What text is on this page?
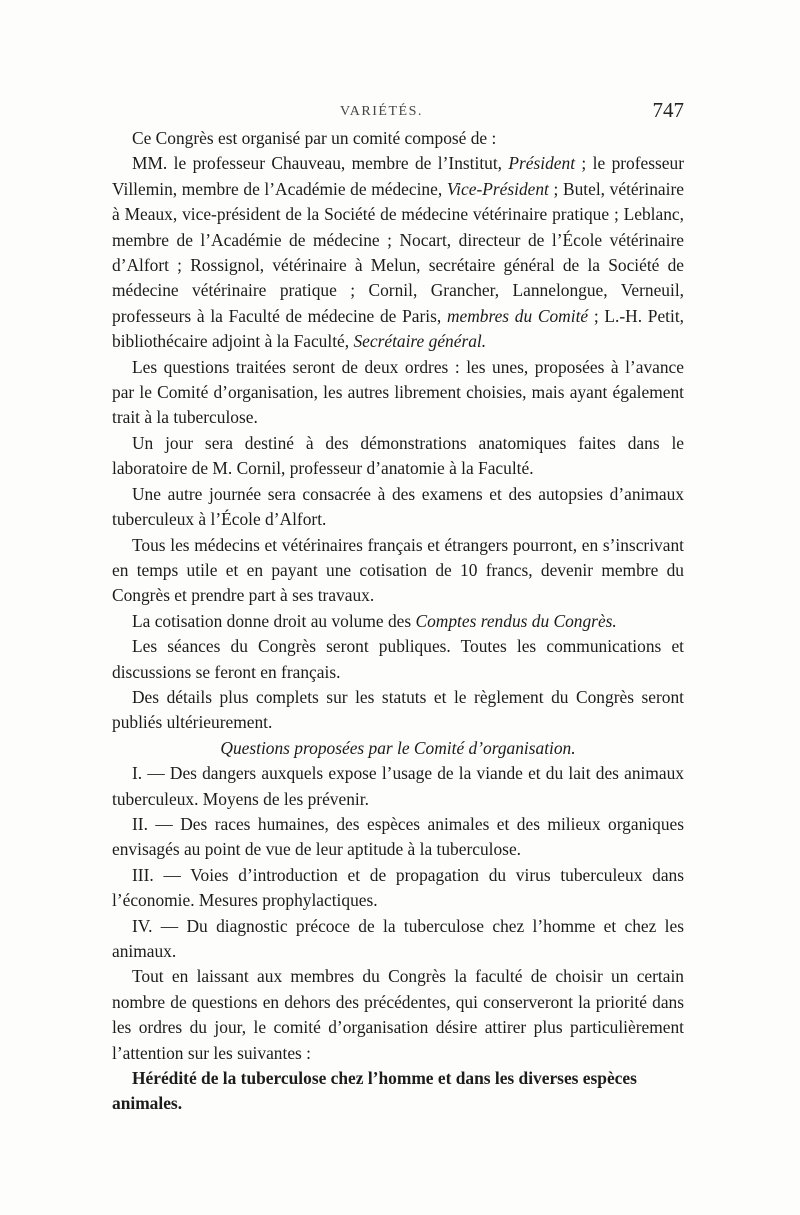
VARIÉTÉS.	747

Ce Congrès est organisé par un comité composé de :

MM. le professeur Chauveau, membre de l’Institut, Président ; le professeur Villemin, membre de l’Académie de médecine, Vice-Président ; Butel, vétérinaire à Meaux, vice-président de la Société de médecine vétérinaire pratique ; Leblanc, membre de l’Académie de médecine ; Nocart, directeur de l’École vétérinaire d’Alfort ; Rossignol, vétérinaire à Melun, secrétaire général de la Société de médecine vétérinaire pratique ; Cornil, Grancher, Lannelongue, Verneuil, professeurs à la Faculté de médecine de Paris, membres du Comité ; L.-H. Petit, bibliothécaire adjoint à la Faculté, Secrétaire général.

Les questions traitées seront de deux ordres : les unes, proposées à l’avance par le Comité d’organisation, les autres librement choisies, mais ayant également trait à la tuberculose.

Un jour sera destiné à des démonstrations anatomiques faites dans le laboratoire de M. Cornil, professeur d’anatomie à la Faculté.

Une autre journée sera consacrée à des examens et des autopsies d’animaux tuberculeux à l’École d’Alfort.

Tous les médecins et vétérinaires français et étrangers pourront, en s’inscrivant en temps utile et en payant une cotisation de 10 francs, devenir membre du Congrès et prendre part à ses travaux.

La cotisation donne droit au volume des Comptes rendus du Congrès.

Les séances du Congrès seront publiques. Toutes les communications et discussions se feront en français.

Des détails plus complets sur les statuts et le règlement du Congrès seront publiés ultérieurement.

Questions proposées par le Comité d’organisation.

I. — Des dangers auxquels expose l’usage de la viande et du lait des animaux tuberculeux. Moyens de les prévenir.

II. — Des races humaines, des espèces animales et des milieux organiques envisagés au point de vue de leur aptitude à la tuberculose.

III. — Voies d’introduction et de propagation du virus tuberculeux dans l’économie. Mesures prophylactiques.

IV. — Du diagnostic précoce de la tuberculose chez l’homme et chez les animaux.

Tout en laissant aux membres du Congrès la faculté de choisir un certain nombre de questions en dehors des précédentes, qui conserveront la priorité dans les ordres du jour, le comité d’organisation désire attirer plus particulièrement l’attention sur les suivantes :

Hérédité de la tuberculose chez l’homme et dans les diverses espèces animales.
